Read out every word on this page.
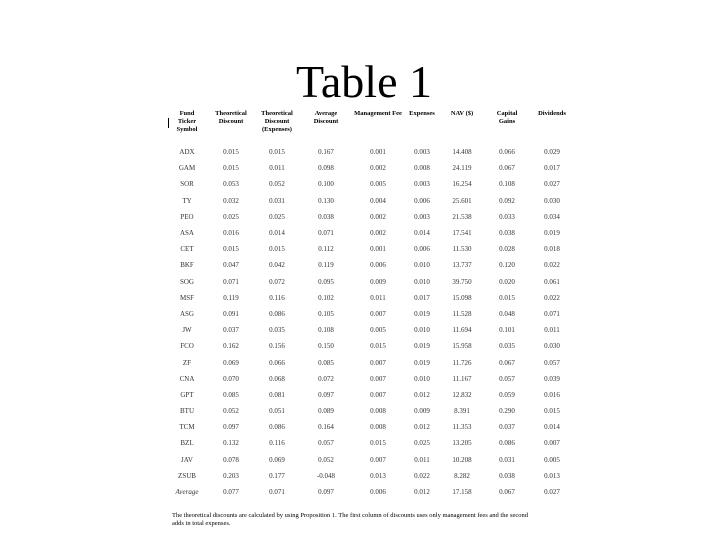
Table 1
Fund
Ticker Symbol	Theoretical Discount	Theoretical Discount (Expenses)	Average Discount	Management Fee	Expenses	NAV ($)	Capital Gains	Dividends
ADX	0.015	0.015	0.167	0.001	0.003	14.408	0.066	0.029
GAM	0.015	0.011	0.098	0.002	0.008	24.119	0.067	0.017
SOR	0.053	0.052	0.100	0.005	0.003	16.254	0.108	0.027
TY	0.032	0.031	0.130	0.004	0.006	25.601	0.092	0.030
PEO	0.025	0.025	0.038	0.002	0.003	21.538	0.033	0.034
ASA	0.016	0.014	0.071	0.002	0.014	17.541	0.038	0.019
CET	0.015	0.015	0.112	0.001	0.006	11.530	0.028	0.018
BKF	0.047	0.042	0.119	0.006	0.010	13.737	0.120	0.022
SOG	0.071	0.072	0.095	0.009	0.010	39.750	0.020	0.061
MSF	0.119	0.116	0.102	0.011	0.017	15.098	0.015	0.022
ASG	0.091	0.086	0.105	0.007	0.019	11.528	0.048	0.071
JW	0.037	0.035	0.108	0.005	0.010	11.694	0.101	0.011
FCO	0.162	0.156	0.150	0.015	0.019	15.958	0.035	0.030
ZF	0.069	0.066	0.085	0.007	0.019	11.726	0.067	0.057
CNA	0.070	0.068	0.072	0.007	0.010	11.167	0.057	0.039
GPT	0.085	0.081	0.097	0.007	0.012	12.832	0.059	0.016
BTU	0.052	0.051	0.089	0.008	0.009	8.391	0.290	0.015
TCM	0.097	0.086	0.164	0.008	0.012	11.353	0.037	0.014
BZL	0.132	0.116	0.057	0.015	0.025	13.205	0.086	0.007
JAV	0.078	0.069	0.052	0.007	0.011	10.208	0.031	0.005
ZSUB	0.203	0.177	-0.048	0.013	0.022	8.282	0.038	0.013
Average	0.077	0.071	0.097	0.006	0.012	17.158	0.067	0.027
The theoretical discounts are calculated by using Proposition 1. The first column of discounts uses only management fees and the second adds in total expenses.
